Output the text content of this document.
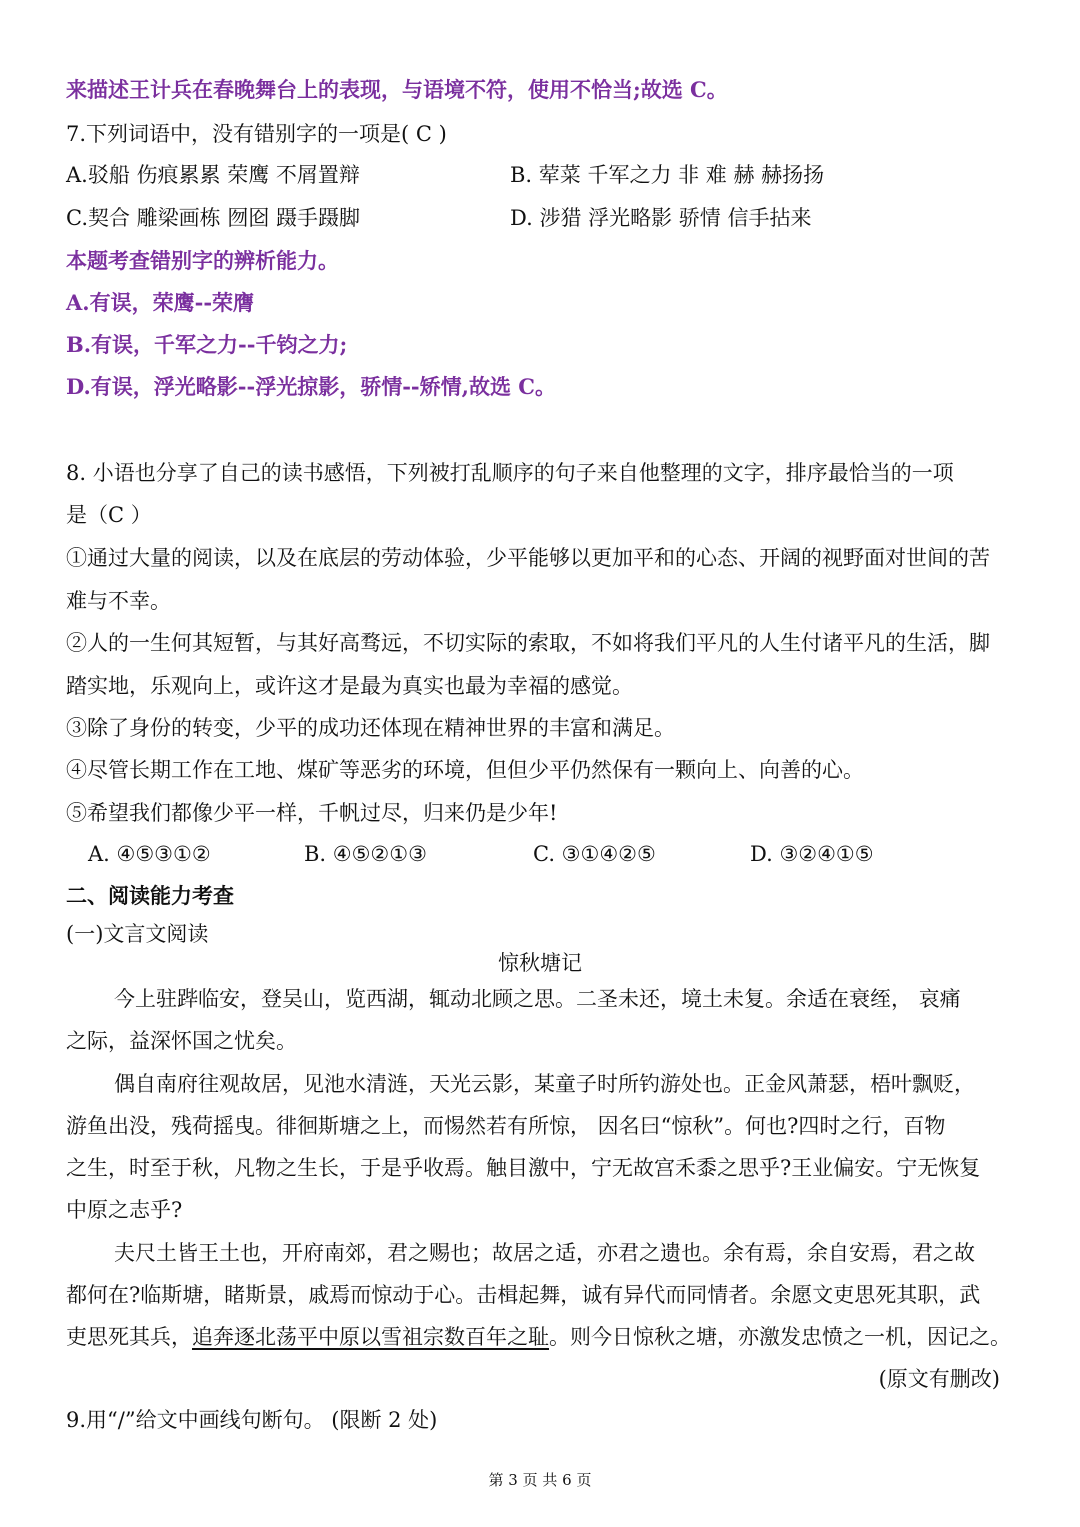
来描述王计兵在春晚舞台上的表现，与语境不符，使用不恰当;故选 C。
7.下列词语中，没有错别字的一项是( C )
A.驳船 伤痕累累 荣鹰 不屑置辩	B. 荤菜 千军之力 非 难 赫 赫扬扬
C.契合 雕梁画栋 囫囵 蹑手蹑脚	D. 涉猎 浮光略影 骄情 信手拈来
本题考查错别字的辨析能力。
A.有误，荣鹰--荣膺
B.有误，千军之力--千钧之力;
D.有误，浮光略影--浮光掠影，骄情--矫情,故选 C。
8. 小语也分享了自己的读书感悟，下列被打乱顺序的句子来自他整理的文字，排序最恰当的一项
是（C ）
①通过大量的阅读，以及在底层的劳动体验，少平能够以更加平和的心态、开阔的视野面对世间的苦
难与不幸。
②人的一生何其短暂，与其好高骛远，不切实际的索取，不如将我们平凡的人生付诸平凡的生活，脚
踏实地，乐观向上，或许这才是最为真实也最为幸福的感觉。
③除了身份的转变，少平的成功还体现在精神世界的丰富和满足。
④尽管长期工作在工地、煤矿等恶劣的环境，但但少平仍然保有一颗向上、向善的心。
⑤希望我们都像少平一样，千帆过尽，归来仍是少年!
A. ④⑤③①②	B. ④⑤②①③	C. ③①④②⑤	D. ③②④①⑤
二、阅读能力考查
(一)文言文阅读
惊秋塘记
今上驻跸临安，登吴山，览西湖，辄动北顾之思。二圣未还，境土未复。余适在衰绖， 哀痛
之际，益深怀国之忧矣。
偶自南府往观故居，见池水清涟，天光云影，某童子时所钓游处也。正金风萧瑟，梧叶飘贬，
游鱼出没，残荷摇曳。徘徊斯塘之上，而惕然若有所惊， 因名曰“惊秋”。何也?四时之行，百物
之生，时至于秋，凡物之生长，于是乎收焉。触目激中，宁无故宫禾黍之思乎?王业偏安。宁无恢复
中原之志乎?
夫尺土皆王土也，开府南郊，君之赐也；故居之适，亦君之遗也。余有焉，余自安焉，君之故
都何在?临斯塘，睹斯景，戚焉而惊动于心。击楫起舞，诚有异代而同情者。余愿文吏思死其职，武
吏思死其兵，追奔逐北荡平中原以雪祖宗数百年之耻。则今日惊秋之塘，亦激发忠愤之一机，因记之。
(原文有删改)
9.用“/”给文中画线句断句。 (限断 2 处)
第 3 页 共 6 页
